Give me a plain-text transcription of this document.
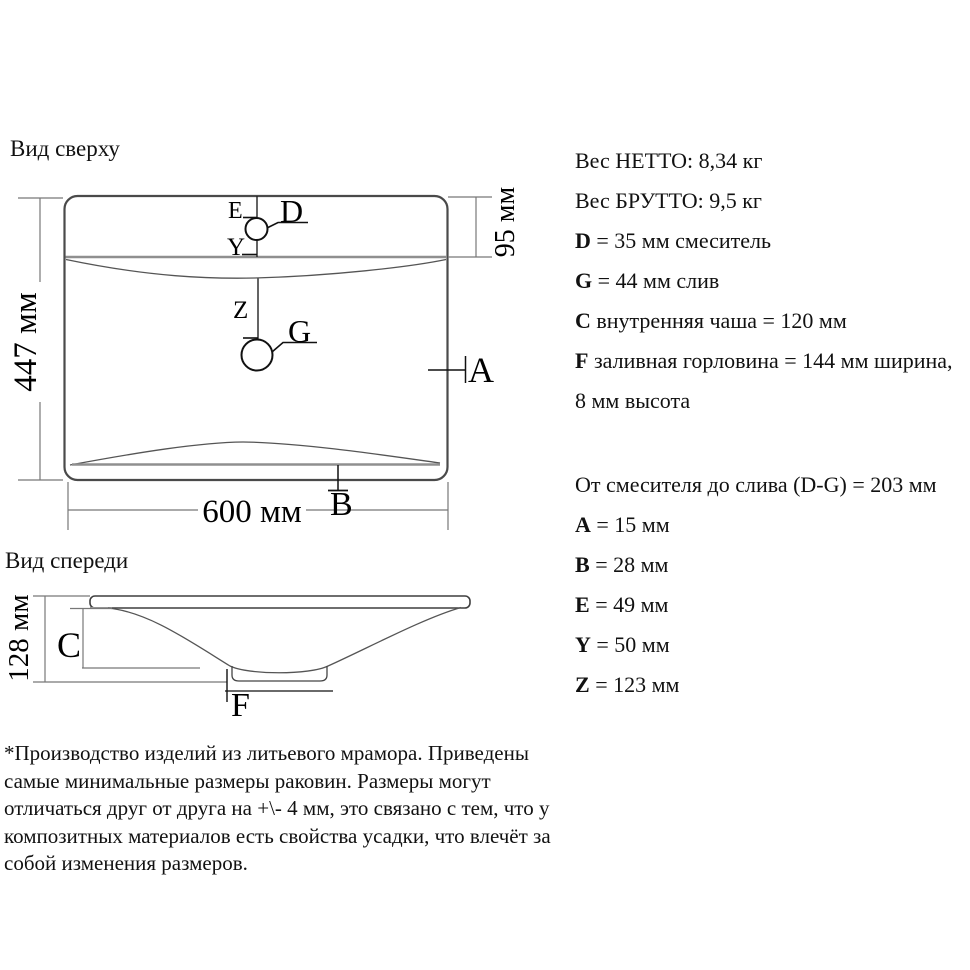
Вид сверху
E
Y
Z
D
G
A
B
600 мм
447 мм
95 мм
Вид спереди
C
F
128 мм
Вес НЕТТО: 8,34 кг
Вес БРУТТО: 9,5 кг
D = 35 мм смеситель
G = 44 мм слив
C внутренняя чаша = 120 мм
F заливная горловина = 144 мм ширина,
8 мм высота
От смесителя до слива (D-G) = 203 мм
A = 15 мм
B = 28 мм
E = 49 мм
Y = 50 мм
Z = 123 мм
*Производство изделий из литьевого мрамора. Приведены самые минимальные размеры раковин. Размеры могут отличаться друг от друга на +\- 4 мм, это связано с тем, что у композитных материалов есть свойства усадки, что влечёт за собой изменения размеров.
